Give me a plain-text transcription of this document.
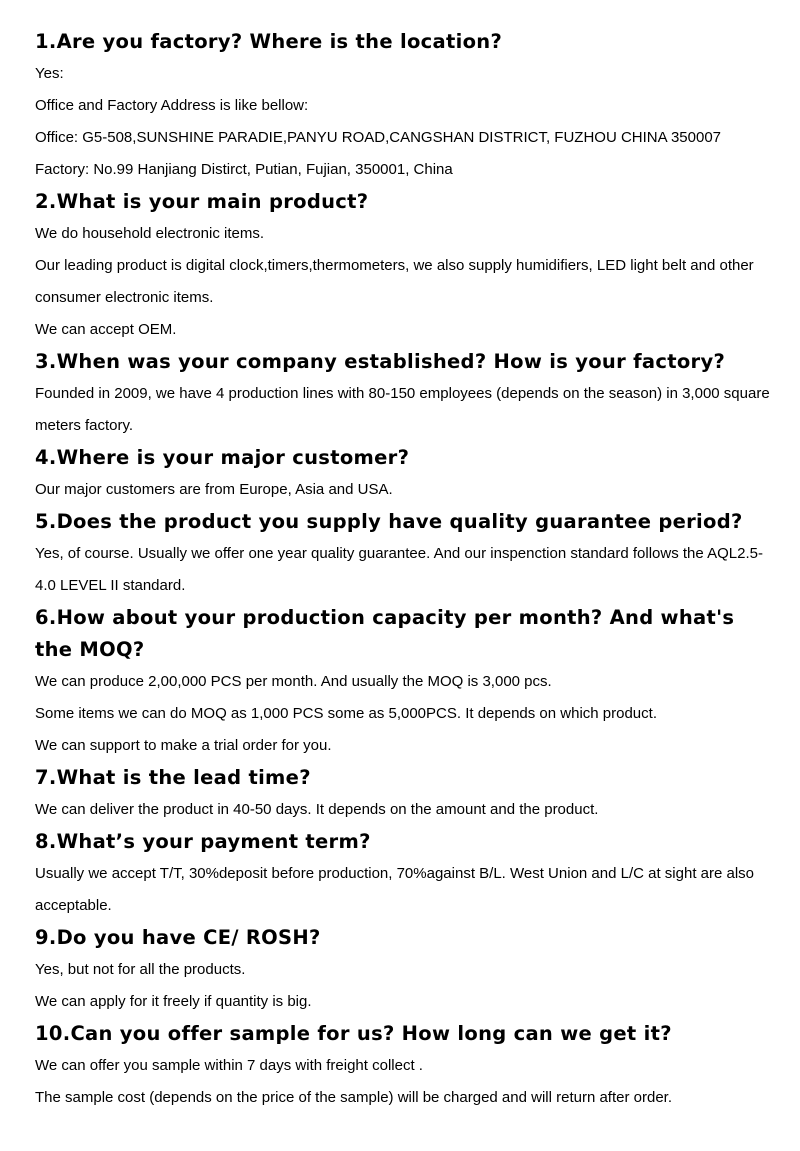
1.Are you factory? Where is the location?

Yes:

Office and Factory Address is like bellow:

Office: G5-508,SUNSHINE PARADIE,PANYU ROAD,CANGSHAN DISTRICT, FUZHOU CHINA 350007

Factory: No.99 Hanjiang Distirct, Putian, Fujian, 350001, China

2.What is your main product?

We do household electronic items.

Our leading product is digital clock,timers,thermometers, we also supply humidifiers, LED light belt and other consumer electronic items.

We can accept OEM.

3.When was your company established? How is your factory?

Founded in 2009, we have 4 production lines with 80-150 employees (depends on the season) in 3,000 square meters factory.

4.Where is your major customer?

Our major customers are from Europe, Asia and USA.

5.Does the product you supply have quality guarantee period?

Yes, of course. Usually we offer one year quality guarantee. And our inspenction standard follows the AQL2.5-4.0 LEVEL II standard.

6.How about your production capacity per month? And what's the MOQ?

We can produce 2,00,000 PCS per month. And usually the MOQ is 3,000 pcs.

Some items we can do MOQ as 1,000 PCS some as 5,000PCS. It depends on which product.

We can support to make a trial order for you.

7.What is the lead time?

We can deliver the product in 40-50 days. It depends on the amount and the product.

8.What’s your payment term?

Usually we accept T/T, 30%deposit before production, 70%against B/L. West Union and L/C at sight are also acceptable.

9.Do you have CE/ ROSH?

Yes, but not for all the products.

We can apply for it freely if quantity is big.

10.Can you offer sample for us? How long can we get it?

We can offer you sample within 7 days with freight collect .

The sample cost (depends on the price of the sample) will be charged and will return after order.
